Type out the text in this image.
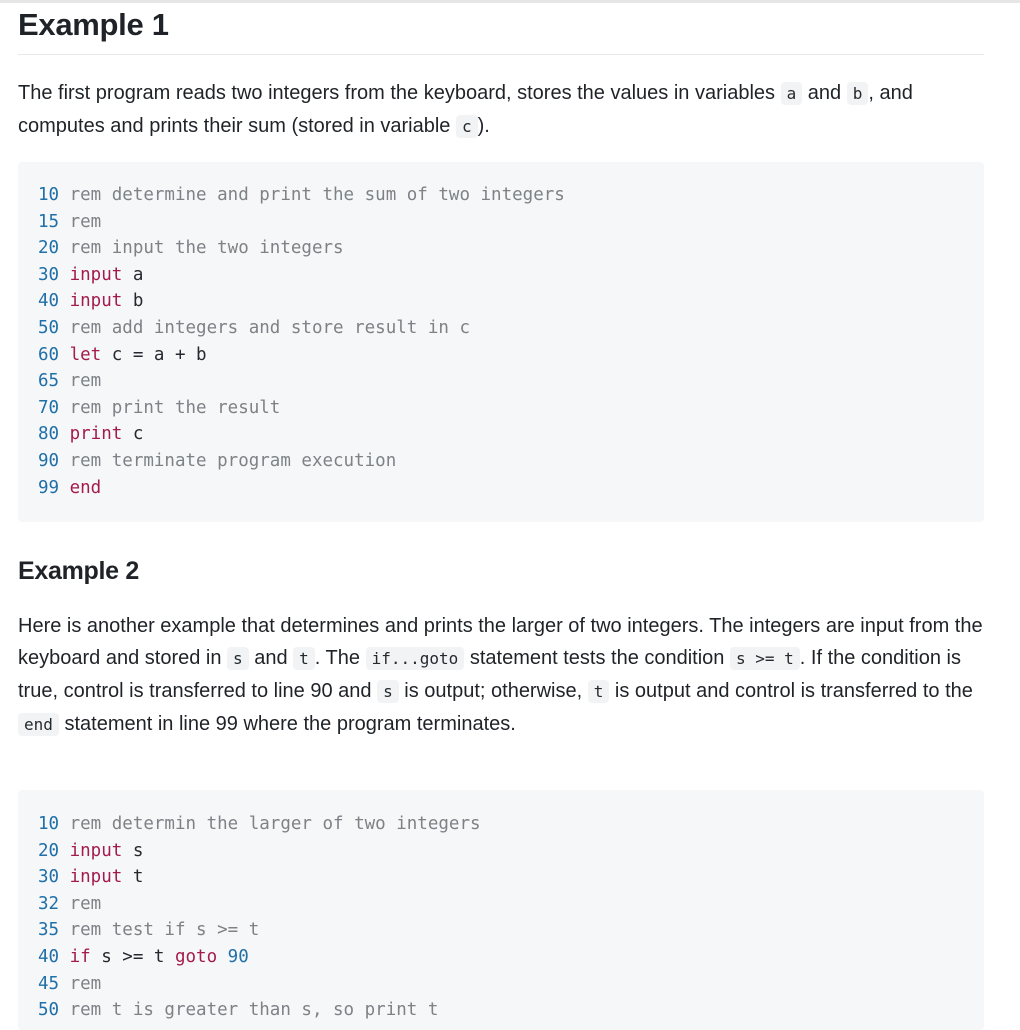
Example 1

The first program reads two integers from the keyboard, stores the values in variables a and b , and computes and prints their sum (stored in variable c ).

10 rem determine and print the sum of two integers
15 rem
20 rem input the two integers
30 input a
40 input b
50 rem add integers and store result in c
60 let c = a + b
65 rem
70 rem print the result
80 print c
90 rem terminate program execution
99 end
Example 2

Here is another example that determines and prints the larger of two integers. The integers are input from the keyboard and stored in s and t . The if...goto statement tests the condition s >= t . If the condition is true, control is transferred to line 90 and s is output; otherwise, t is output and control is transferred to the end statement in line 99 where the program terminates.

10 rem determin the larger of two integers
20 input s
30 input t
32 rem
35 rem test if s >= t
40 if s >= t goto 90
45 rem
50 rem t is greater than s, so print t
